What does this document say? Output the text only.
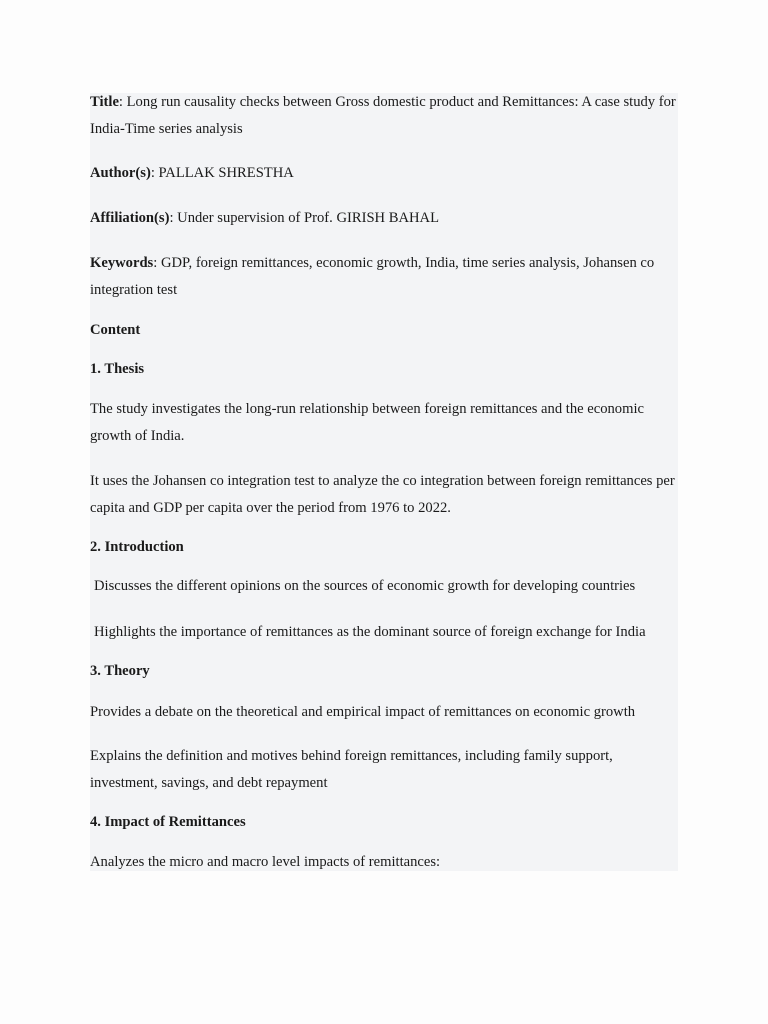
Title: Long run causality checks between Gross domestic product and Remittances: A case study for India-Time series analysis

Author(s): PALLAK SHRESTHA

Affiliation(s): Under supervision of Prof. GIRISH BAHAL

Keywords: GDP, foreign remittances, economic growth, India, time series analysis, Johansen co integration test

Content

1. Thesis

The study investigates the long-run relationship between foreign remittances and the economic growth of India.

It uses the Johansen co integration test to analyze the co integration between foreign remittances per capita and GDP per capita over the period from 1976 to 2022.

2. Introduction

Discusses the different opinions on the sources of economic growth for developing countries

Highlights the importance of remittances as the dominant source of foreign exchange for India

3. Theory

Provides a debate on the theoretical and empirical impact of remittances on economic growth

Explains the definition and motives behind foreign remittances, including family support, investment, savings, and debt repayment

4. Impact of Remittances

Analyzes the micro and macro level impacts of remittances:
